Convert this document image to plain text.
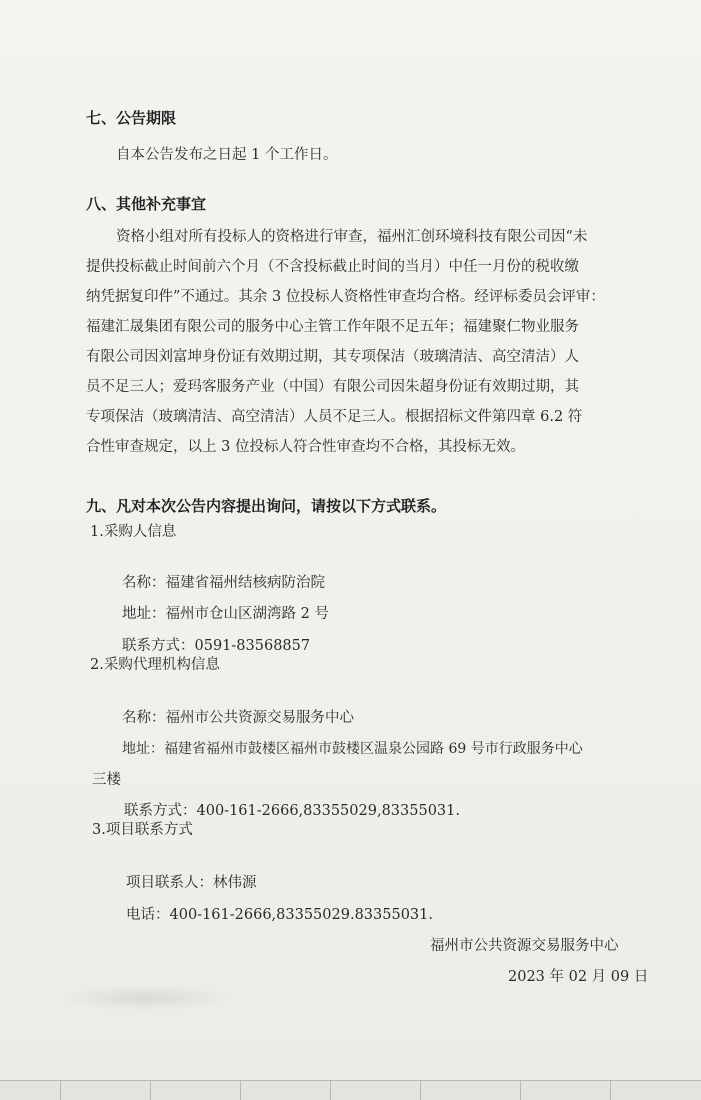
七、公告期限
自本公告发布之日起 1 个工作日。
八、其他补充事宜
资格小组对所有投标人的资格进行审查，福州汇创环境科技有限公司因“未
提供投标截止时间前六个月（不含投标截止时间的当月）中任一月份的税收缴
纳凭据复印件”不通过。其余 3 位投标人资格性审查均合格。经评标委员会评审：
福建汇晟集团有限公司的服务中心主管工作年限不足五年；福建聚仁物业服务
有限公司因刘富坤身份证有效期过期，其专项保洁（玻璃清洁、高空清洁）人
员不足三人；爱玛客服务产业（中国）有限公司因朱超身份证有效期过期，其
专项保洁（玻璃清洁、高空清洁）人员不足三人。根据招标文件第四章 6.2 符
合性审查规定，以上 3 位投标人符合性审查均不合格，其投标无效。
九、凡对本次公告内容提出询问，请按以下方式联系。
1.采购人信息
名称：福建省福州结核病防治院
地址：福州市仓山区湖湾路 2 号
联系方式：0591-83568857
2.采购代理机构信息
名称：福州市公共资源交易服务中心
地址：福建省福州市鼓楼区福州市鼓楼区温泉公园路 69 号市行政服务中心
三楼
联系方式：400-161-2666,83355029,83355031.
3.项目联系方式
项目联系人：林伟源
电话：400-161-2666,83355029.83355031.
福州市公共资源交易服务中心
2023 年 02 月 09 日
